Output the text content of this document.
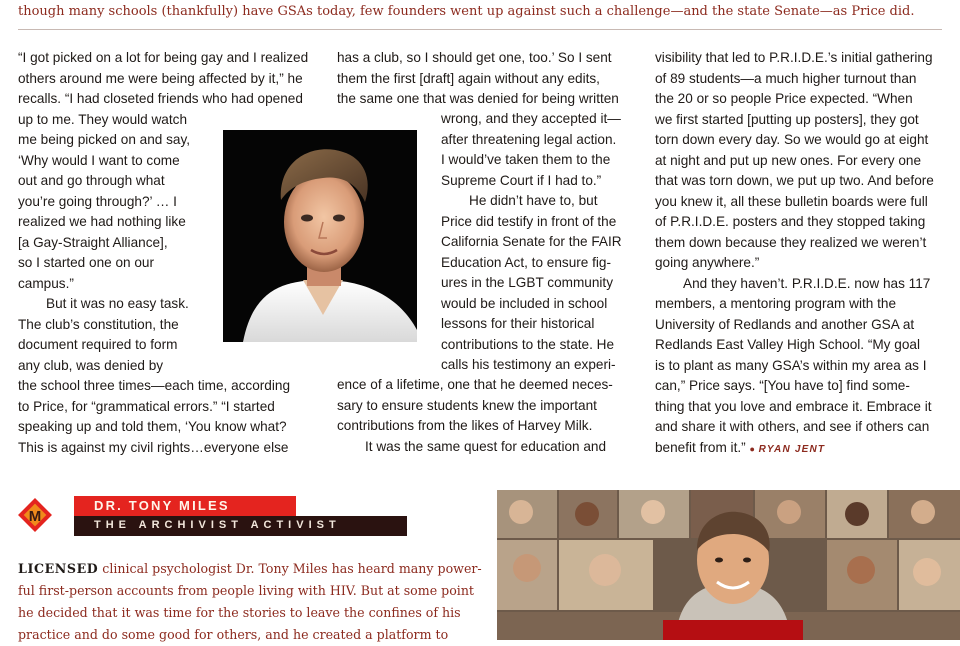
though many schools (thankfully) have GSAs today, few founders went up against such a challenge—and the state Senate—as Price did.
“I got picked on a lot for being gay and I realized
others around me were being affected by it,” he
recalls. “I had closeted friends who had opened
up to me. They would watch
me being picked on and say,
‘Why would I want to come
out and go through what
you’re going through?’ … I
realized we had nothing like
[a Gay-Straight Alliance],
so I started one on our
campus.”
But it was no easy task.
The club’s constitution, the
document required to form
any club, was denied by
the school three times—each time, according
to Price, for “grammatical errors.” “I started
speaking up and told them, ‘You know what?
This is against my civil rights…everyone else
has a club, so I should get one, too.’ So I sent
them the first [draft] again without any edits,
the same one that was denied for being written
wrong, and they accepted it—
after threatening legal action.
I would’ve taken them to the
Supreme Court if I had to.”
He didn’t have to, but
Price did testify in front of the
California Senate for the FAIR
Education Act, to ensure fig-
ures in the LGBT community
would be included in school
lessons for their historical
contributions to the state. He
calls his testimony an experi-
ence of a lifetime, one that he deemed neces-
sary to ensure students knew the important
contributions from the likes of Harvey Milk.
It was the same quest for education and
visibility that led to P.R.I.D.E.’s initial gathering
of 89 students—a much higher turnout than
the 20 or so people Price expected. “When
we first started [putting up posters], they got
torn down every day. So we would go at eight
at night and put up new ones. For every one
that was torn down, we put up two. And before
you knew it, all these bulletin boards were full
of P.R.I.D.E. posters and they stopped taking
them down because they realized we weren’t
going anywhere.”
And they haven’t. P.R.I.D.E. now has 117
members, a mentoring program with the
University of Redlands and another GSA at
Redlands East Valley High School. “My goal
is to plant as many GSA’s within my area as I
can,” Price says. “[You have to] find some-
thing that you love and embrace it. Embrace it
and share it with others, and see if others can
benefit from it.” ● RYAN JENT
M
DR. TONY MILES
THE ARCHIVIST ACTIVIST
LICENSED clinical psychologist Dr. Tony Miles has heard many power-
ful first-person accounts from people living with HIV. But at some point
he decided that it was time for the stories to leave the confines of his
practice and do some good for others, and he created a platform to
